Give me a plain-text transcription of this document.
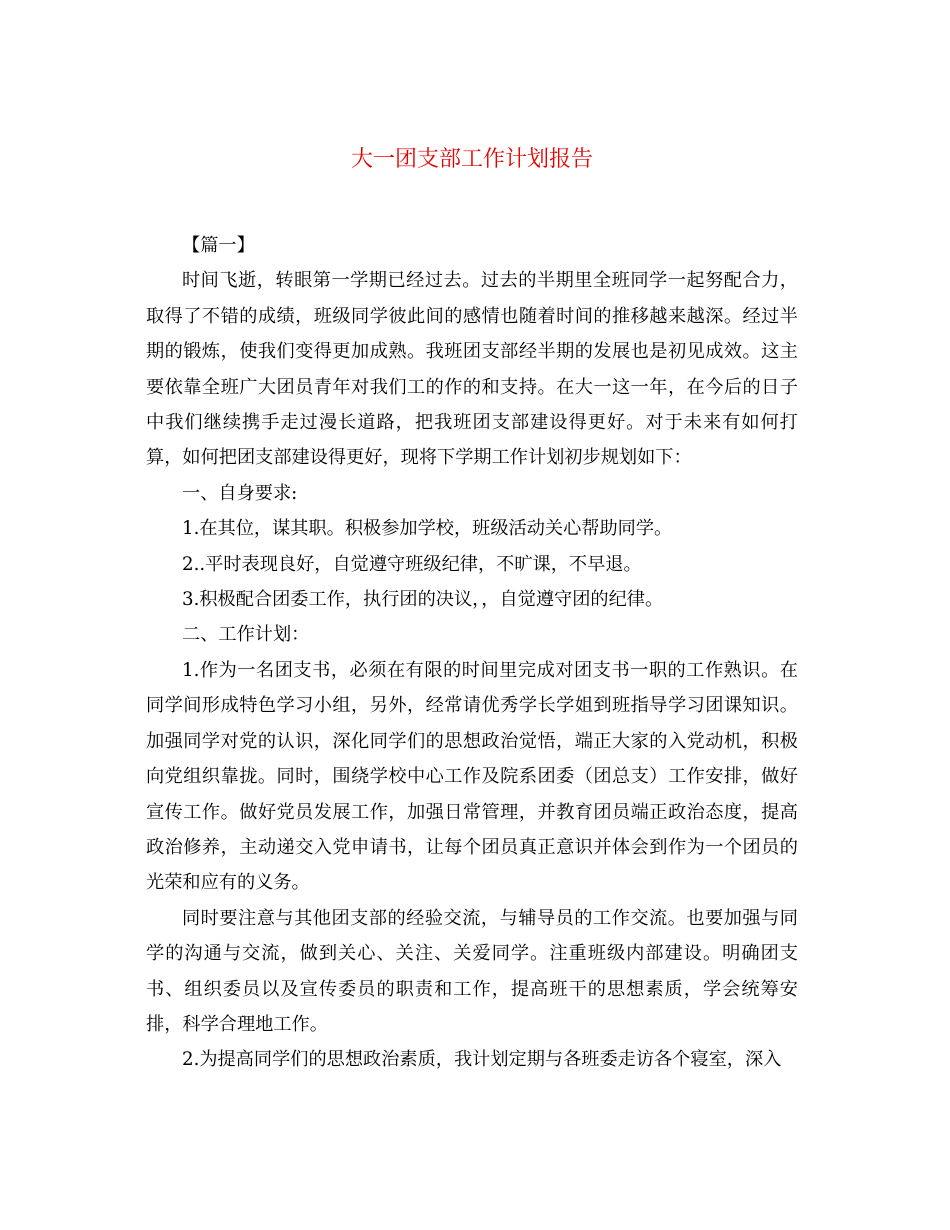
大一团支部工作计划报告

【篇一】

时间飞逝，转眼第一学期已经过去。过去的半期里全班同学一起努配合力，取得了不错的成绩，班级同学彼此间的感情也随着时间的推移越来越深。经过半期的锻炼，使我们变得更加成熟。我班团支部经半期的发展也是初见成效。这主要依靠全班广大团员青年对我们工的作的和支持。在大一这一年，在今后的日子中我们继续携手走过漫长道路，把我班团支部建设得更好。对于未来有如何打算，如何把团支部建设得更好，现将下学期工作计划初步规划如下：

一、自身要求:

1.在其位，谋其职。积极参加学校，班级活动关心帮助同学。

2..平时表现良好，自觉遵守班级纪律，不旷课，不早退。

3.积极配合团委工作，执行团的决议，，自觉遵守团的纪律。

二、工作计划：

1.作为一名团支书，必须在有限的时间里完成对团支书一职的工作熟识。在同学间形成特色学习小组，另外，经常请优秀学长学姐到班指导学习团课知识。加强同学对党的认识，深化同学们的思想政治觉悟，端正大家的入党动机，积极向党组织靠拢。同时，围绕学校中心工作及院系团委（团总支）工作安排，做好宣传工作。做好党员发展工作，加强日常管理，并教育团员端正政治态度，提高政治修养，主动递交入党申请书，让每个团员真正意识并体会到作为一个团员的光荣和应有的义务。

同时要注意与其他团支部的经验交流，与辅导员的工作交流。也要加强与同学的沟通与交流，做到关心、关注、关爱同学。注重班级内部建设。明确团支书、组织委员以及宣传委员的职责和工作，提高班干的思想素质，学会统筹安排，科学合理地工作。

2.为提高同学们的思想政治素质，我计划定期与各班委走访各个寝室，深入
